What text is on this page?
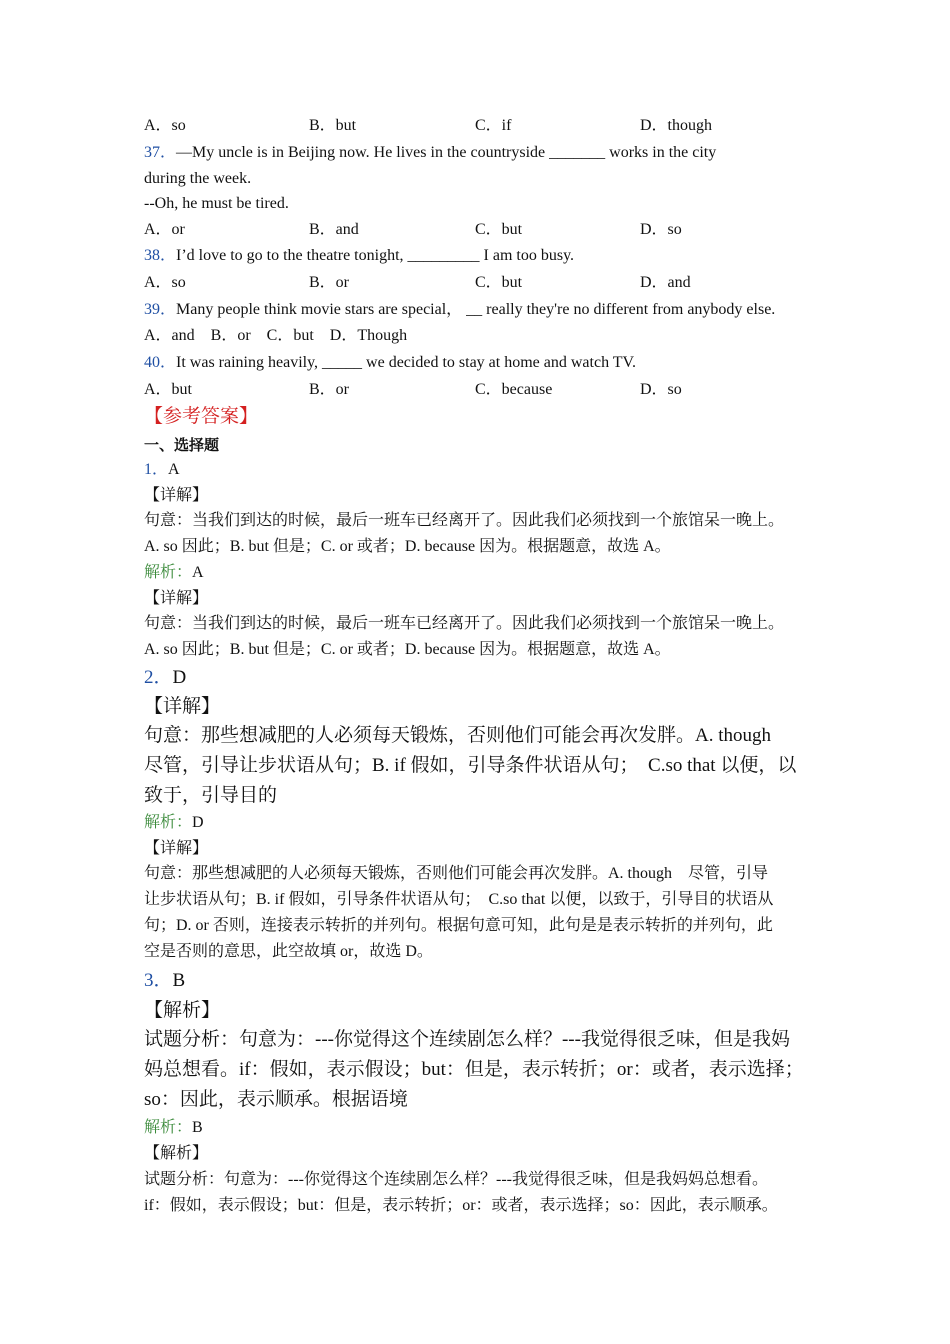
A．so	B．but	C．if	D．though
37．—My uncle is in Beijing now. He lives in the countryside _______ works in the city
during the week.
--Oh, he must be tired.
A．or	B．and	C．but	D．so
38．I’d love to go to the theatre tonight, _________ I am too busy.
A．so	B．or	C．but	D．and
39．Many people think movie stars are special， __ really they're no different from anybody else.
A．and    B．or    C．but    D．Though
40．It was raining heavily, _____ we decided to stay at home and watch TV.
A．but	B．or	C．because	D．so
【参考答案】
一、选择题
1．A
【详解】
句意：当我们到达的时候，最后一班车已经离开了。因此我们必须找到一个旅馆呆一晚上。
A. so 因此；B. but 但是；C. or 或者；D. because 因为。根据题意，故选 A。
解析：A
【详解】
句意：当我们到达的时候，最后一班车已经离开了。因此我们必须找到一个旅馆呆一晚上。
A. so 因此；B. but 但是；C. or 或者；D. because 因为。根据题意，故选 A。
2．D
【详解】
句意：那些想减肥的人必须每天锻炼，否则他们可能会再次发胖。A. though
尽管，引导让步状语从句；B. if 假如，引导条件状语从句；  C.so that 以便，以
致于，引导目的
解析：D
【详解】
句意：那些想减肥的人必须每天锻炼，否则他们可能会再次发胖。A. though    尽管，引导
让步状语从句；B. if 假如，引导条件状语从句；  C.so that 以便，以致于，引导目的状语从
句；D. or 否则，连接表示转折的并列句。根据句意可知，此句是是表示转折的并列句，此
空是否则的意思，此空故填 or，故选 D。
3．B
【解析】
试题分析：句意为：---你觉得这个连续剧怎么样？---我觉得很乏味，但是我妈
妈总想看。if：假如，表示假设；but：但是，表示转折；or：或者，表示选择；
so：因此，表示顺承。根据语境
解析：B
【解析】
试题分析：句意为：---你觉得这个连续剧怎么样？---我觉得很乏味，但是我妈妈总想看。
if：假如，表示假设；but：但是，表示转折；or：或者，表示选择；so：因此，表示顺承。
